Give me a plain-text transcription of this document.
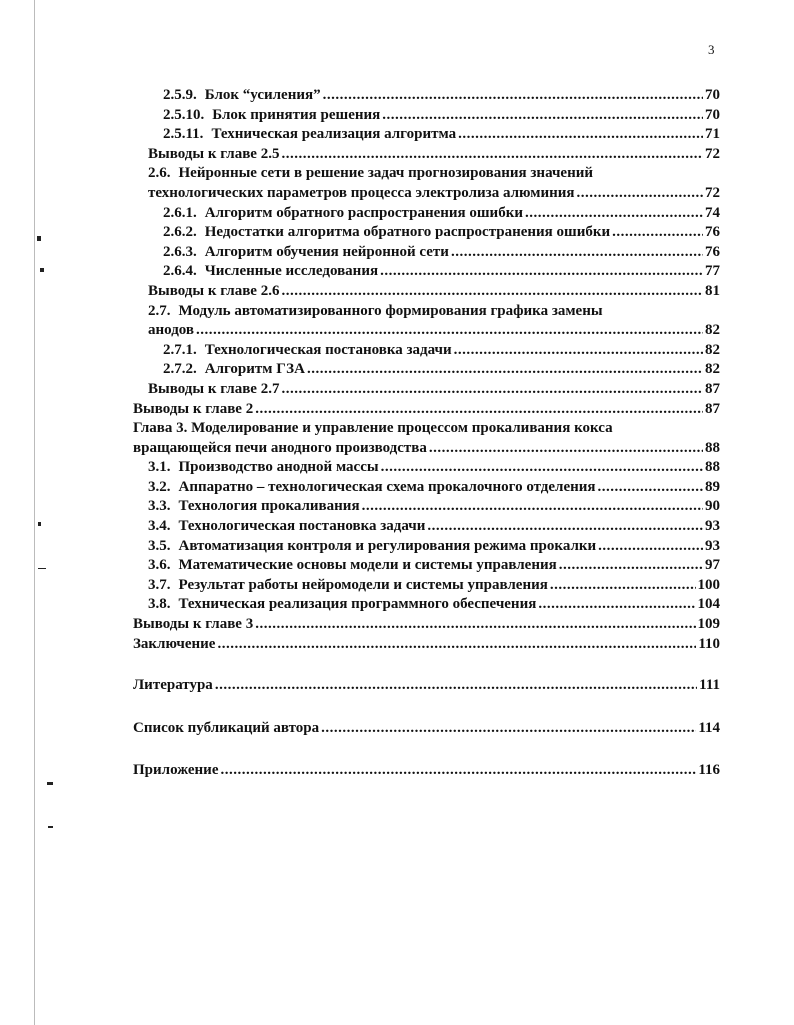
3
2.5.9. Блок “усиления” .....	70
2.5.10. Блок принятия решения .....	70
2.5.11. Техническая реализация алгоритма .....	71
Выводы к главе 2.5 .....	72
2.6. Нейронные сети в решение задач прогнозирования значений
технологических параметров процесса электролиза алюминия .....	72
2.6.1. Алгоритм обратного распространения ошибки .....	74
2.6.2. Недостатки алгоритма обратного распространения ошибки .....	76
2.6.3. Алгоритм обучения нейронной сети .....	76
2.6.4. Численные исследования .....	77
Выводы к главе 2.6 .....	81
2.7. Модуль автоматизированного формирования графика замены
анодов .....	82
2.7.1. Технологическая постановка задачи .....	82
2.7.2. Алгоритм ГЗА .....	82
Выводы к главе 2.7 .....	87
Выводы к главе 2 .....	87
Глава 3. Моделирование и управление процессом прокаливания кокса
вращающейся печи анодного производства .....	88
3.1. Производство анодной массы .....	88
3.2. Аппаратно – технологическая схема прокалочного отделения .....	89
3.3. Технология прокаливания .....	90
3.4. Технологическая постановка задачи .....	93
3.5. Автоматизация контроля и регулирования режима прокалки .....	93
3.6. Математические основы модели и системы управления .....	97
3.7. Результат работы нейромодели и системы управления .....	100
3.8. Техническая реализация программного обеспечения .....	104
Выводы к главе 3 .....	109
Заключение .....	110
Литература .....	111
Список публикаций автора .....	114
Приложение .....	116
